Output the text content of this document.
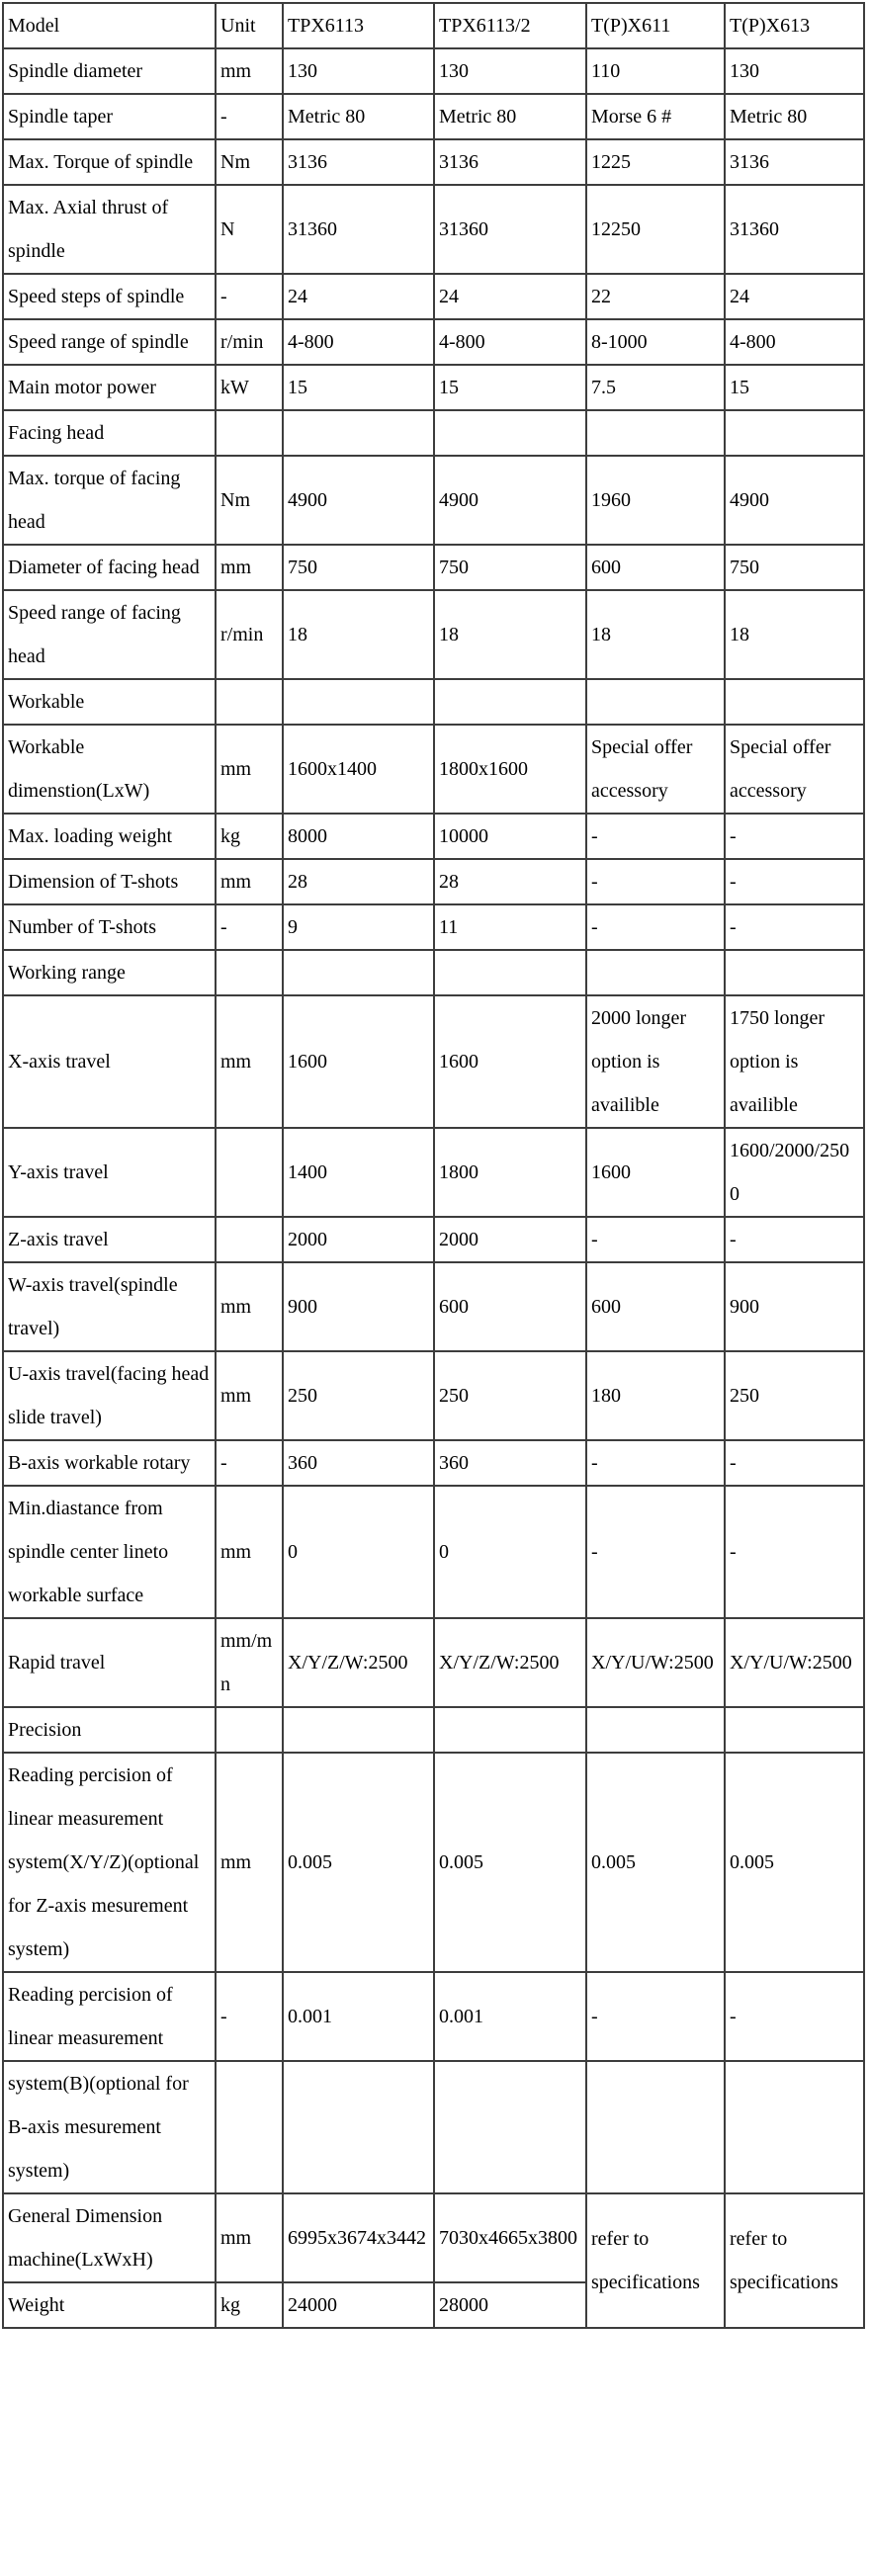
Model	Unit	TPX6113	TPX6113/2	T(P)X611	T(P)X613
Spindle diameter	mm	130	130	110	130
Spindle taper	-	Metric 80	Metric 80	Morse 6 #	Metric 80
Max. Torque of spindle	Nm	3136	3136	1225	3136
Max. Axial thrust of spindle	N	31360	31360	12250	31360
Speed steps of spindle	-	24	24	22	24
Speed range of spindle	r/min	4-800	4-800	8-1000	4-800
Main motor power	kW	15	15	7.5	15
Facing head					
Max. torque of facing head	Nm	4900	4900	1960	4900
Diameter of facing head	mm	750	750	600	750
Speed range of facing head	r/min	18	18	18	18
Workable					
Workable dimenstion(LxW)	mm	1600x1400	1800x1600	Special offer accessory	Special offer accessory
Max. loading weight	kg	8000	10000	-	-
Dimension of T-shots	mm	28	28	-	-
Number of T-shots	-	9	11	-	-
Working range					
X-axis travel	mm	1600	1600	2000 longer option is availible	1750 longer option is availible
Y-axis travel		1400	1800	1600	1600/2000/2500
Z-axis travel		2000	2000	-	-
W-axis travel(spindle travel)	mm	900	600	600	900
U-axis travel(facing head slide travel)	mm	250	250	180	250
B-axis workable rotary	-	360	360	-	-
Min.diastance from spindle center lineto workable surface	mm	0	0	-	-
Rapid travel	mm/mn	X/Y/Z/W:2500	X/Y/Z/W:2500	X/Y/U/W:2500	X/Y/U/W:2500
Precision					
Reading percision of linear measurement system(X/Y/Z)(optional for Z-axis mesurement system)	mm	0.005	0.005	0.005	0.005
Reading percision of linear measurement	-	0.001	0.001	-	-
system(B)(optional for B-axis mesurement system)					
General Dimension machine(LxWxH)	mm	6995x3674x3442	7030x4665x3800	refer to specifications	refer to specifications
Weight	kg	24000	28000		
